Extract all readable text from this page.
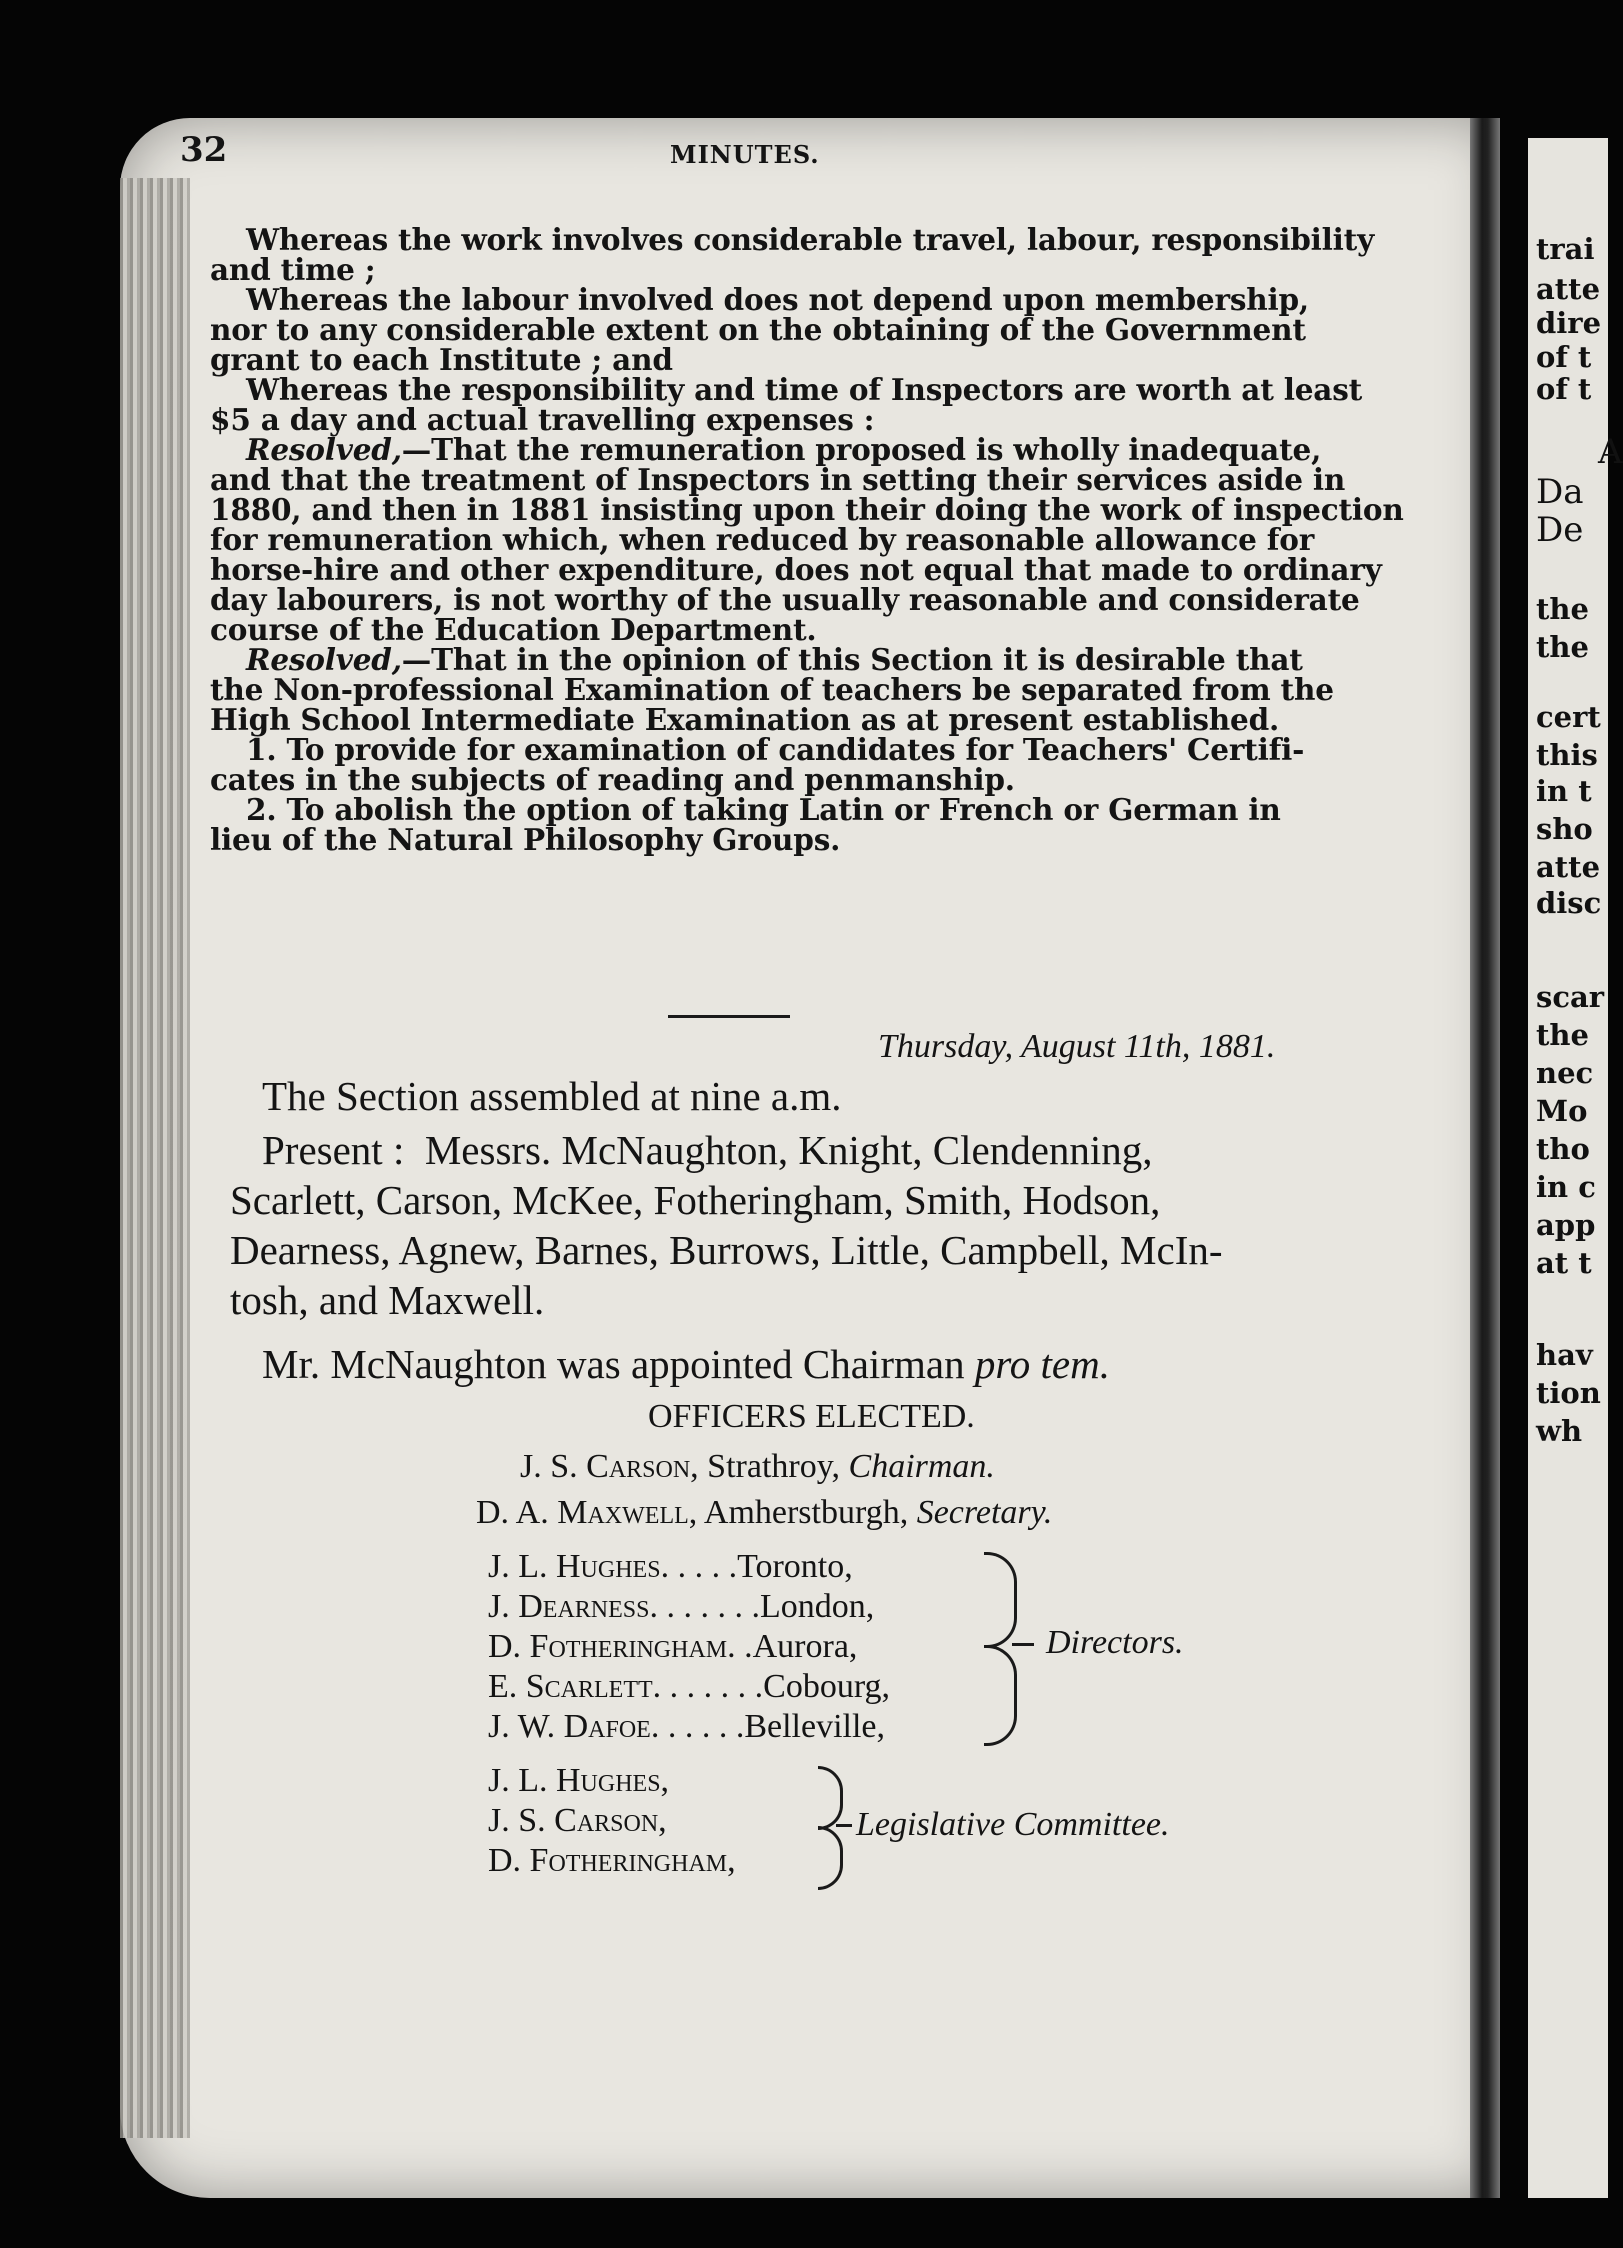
trai
atte
dire
of t
of t
A
Da
De
the
the
cert
this
in t
sho
atte
disc
scar
the
nec
Mo
tho
in c
app
at t
hav
tion
wh
32	MINUTES.
Whereas the work involves considerable travel, labour, responsibility
and time ;
Whereas the labour involved does not depend upon membership,
nor to any considerable extent on the obtaining of the Government
grant to each Institute ; and
Whereas the responsibility and time of Inspectors are worth at least
$5 a day and actual travelling expenses :
Resolved,—That the remuneration proposed is wholly inadequate,
and that the treatment of Inspectors in setting their services aside in
1880, and then in 1881 insisting upon their doing the work of inspection
for remuneration which, when reduced by reasonable allowance for
horse-hire and other expenditure, does not equal that made to ordinary
day labourers, is not worthy of the usually reasonable and considerate
course of the Education Department.
Resolved,—That in the opinion of this Section it is desirable that
the Non-professional Examination of teachers be separated from the
High School Intermediate Examination as at present established.
1. To provide for examination of candidates for Teachers' Certifi-
cates in the subjects of reading and penmanship.
2. To abolish the option of taking Latin or French or German in
lieu of the Natural Philosophy Groups.
Thursday, August 11th, 1881.
The Section assembled at nine a.m.
Present : Messrs. McNaughton, Knight, Clendenning,
Scarlett, Carson, McKee, Fotheringham, Smith, Hodson,
Dearness, Agnew, Barnes, Burrows, Little, Campbell, McIn-
tosh, and Maxwell.
Mr. McNaughton was appointed Chairman pro tem.
OFFICERS ELECTED.
J. S. Carson, Strathroy, Chairman.
D. A. Maxwell, Amherstburgh, Secretary.
J. L. Hughes. . . . .Toronto,
J. Dearness. . . . . . .London,
D. Fotheringham. .Aurora,
E. Scarlett. . . . . . .Cobourg,
J. W. Dafoe. . . . . .Belleville,
Directors.
J. L. Hughes,
J. S. Carson,
D. Fotheringham,
Legislative Committee.
